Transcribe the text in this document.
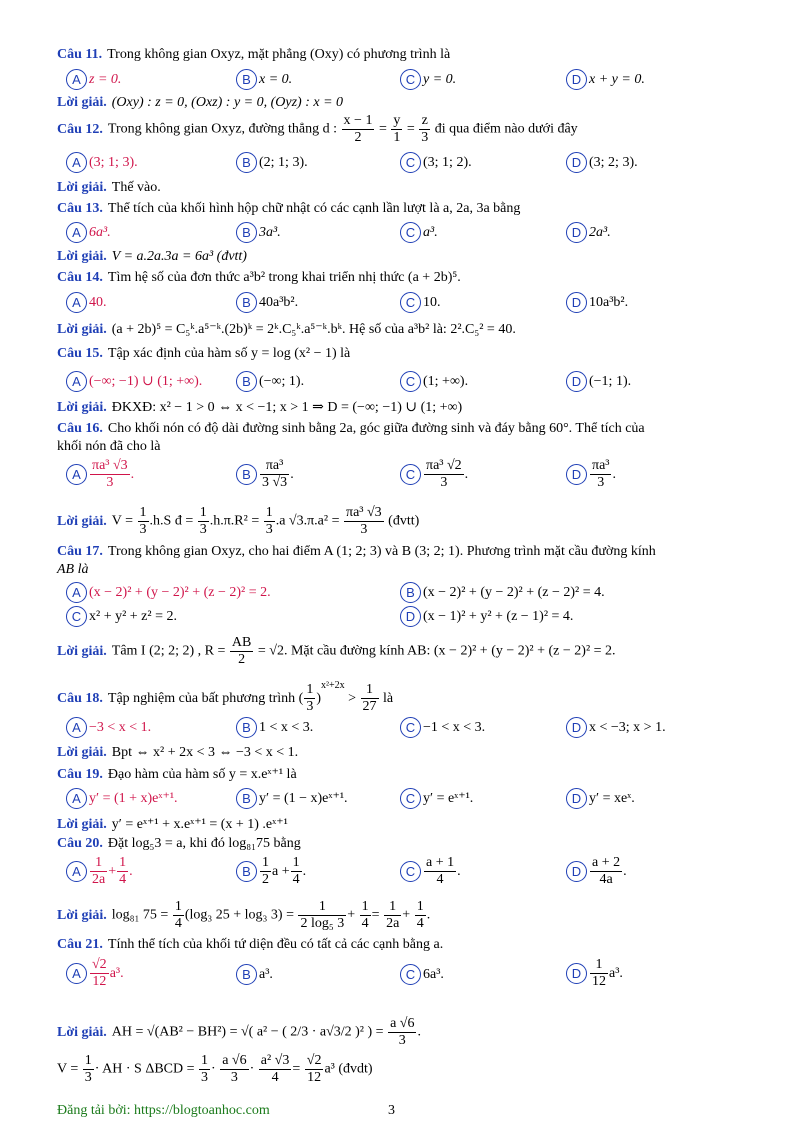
Câu 11. Trong không gian Oxyz, mặt phẳng (Oxy) có phương trình là
A z = 0.	B x = 0.	C y = 0.	D x + y = 0.
Lời giải. (Oxy) : z = 0, (Oxz) : y = 0, (Oyz) : x = 0
Câu 12. Trong không gian Oxyz, đường thẳng d : $\frac{x - 1}{2} = \frac{y}{1} = \frac{z}{3}$ đi qua điểm nào dưới đây
A (3; 1; 3).	B (2; 1; 3).	C (3; 1; 2).	D (3; 2; 3).
Lời giải. Thế vào.
Câu 13. Thể tích của khối hình hộp chữ nhật có các cạnh lần lượt là a, 2a, 3a bằng
A 6a³.	B 3a³.	C a³.	D 2a³.
Lời giải. V = a.2a.3a = 6a³ (đvtt)
Câu 14. Tìm hệ số của đơn thức a³b² trong khai triển nhị thức (a + 2b)⁵.
A 40.	B 40a³b².	C 10.	D 10a³b².
Lời giải. (a + 2b)⁵ = C₅ᵏ.a⁵⁻ᵏ.(2b)ᵏ = 2ᵏ.C₅ᵏ.a⁵⁻ᵏ.bᵏ. Hệ số của a³b² là: 2².C₅² = 40.
Câu 15. Tập xác định của hàm số y = log (x² − 1) là
A (−∞; −1) ∪ (1; +∞).	B (−∞; 1).	C (1; +∞).	D (−1; 1).
Lời giải. ĐKXĐ: x² − 1 > 0 ⇔ x < −1; x > 1 ⇒ D = (−∞; −1) ∪ (1; +∞)
Câu 16. Cho khối nón có độ dài đường sinh bằng 2a, góc giữa đường sinh và đáy bằng 60°. Thể tích của
khối nón đã cho là
A $\frac{\text{πa³ √3}}{3}$ .	B $\frac{\text{πa³}}{3 √3}$ .	C $\frac{\text{πa³ √2}}{3}$ .	D $\frac{\text{πa³}}{3}$ .
Lời giải. $V = \frac{1}{3} .h.S$ đ = $\frac{1}{3} .h.\pi.R^2 = \frac{1}{3} .a$ $√3.\pi.a^2 = \frac{\text{πa³ √3}}{3}$ (đvtt)
Câu 17. Trong không gian Oxyz, cho hai điểm A (1; 2; 3) và B (3; 2; 1). Phương trình mặt cầu đường kính
AB là
A (x − 2)² + (y − 2)² + (z − 2)² = 2.	B (x − 2)² + (y − 2)² + (z − 2)² = 4.
C x² + y² + z² = 2.	D (x − 1)² + y² + (z − 1)² = 4.
Lời giải. Tâm I (2; 2; 2) , $R = \frac{AB}{2} = √2$. Mặt cầu đường kính AB: (x − 2)² + (y − 2)² + (z − 2)² = 2.
Câu 18. Tập nghiệm của bất phương trình ( $\frac{1}{3} )^{x^2+2x} > \frac{1}{27}$ là
A −3 < x < 1.	B 1 < x < 3.	C −1 < x < 3.	D x < −3; x > 1.
Lời giải. Bpt ⇔ x² + 2x < 3 ⇔ −3 < x < 1.
Câu 19. Đạo hàm của hàm số y = x.eˣ⁺¹ là
A y′ = (1 + x)eˣ⁺¹.	B y′ = (1 − x)eˣ⁺¹.	C y′ = eˣ⁺¹.	D y′ = xeˣ.
Lời giải. y′ = eˣ⁺¹ + x.eˣ⁺¹ = (x + 1) .eˣ⁺¹
Câu 20. Đặt log₅3 = a, khi đó log₈₁75 bằng
A $\frac{1}{2a} + \frac{1}{4}$ .	B $\frac{1}{2}$ $a + \frac{1}{4}$ .	C $\frac{a + 1}{4}$ .	D $\frac{a + 2}{4a}$ .
Lời giải. log₈₁ $75 = \frac{1}{4} (\log_3$ 25 + log₃ $3) = \frac{1}{\text{2 log₅ 3}} + \frac{1}{4} = \frac{1}{2a} + \frac{1}{4}$ .
Câu 21. Tính thể tích của khối tứ diện đều có tất cả các cạnh bằng a.
A $\frac{√2}{12} a^3$.	B a³.	C 6a³.	D $\frac{1}{12} a^3$.
Lời giải. AH = √(AB² − BH²) = √( a² − ( 2/3 · a√3/2 )² ) = $\frac{a √6}{3}$ .
$V = \frac{1}{3}$ · AH · S $\Delta BCD = \frac{1}{3} \cdot \frac{a √6}{3} \cdot \frac{\text{a² √3}}{4} = \frac{√2}{12} a^3$ (đvdt)
Đăng tải bởi: https://blogtoanhoc.com	3
